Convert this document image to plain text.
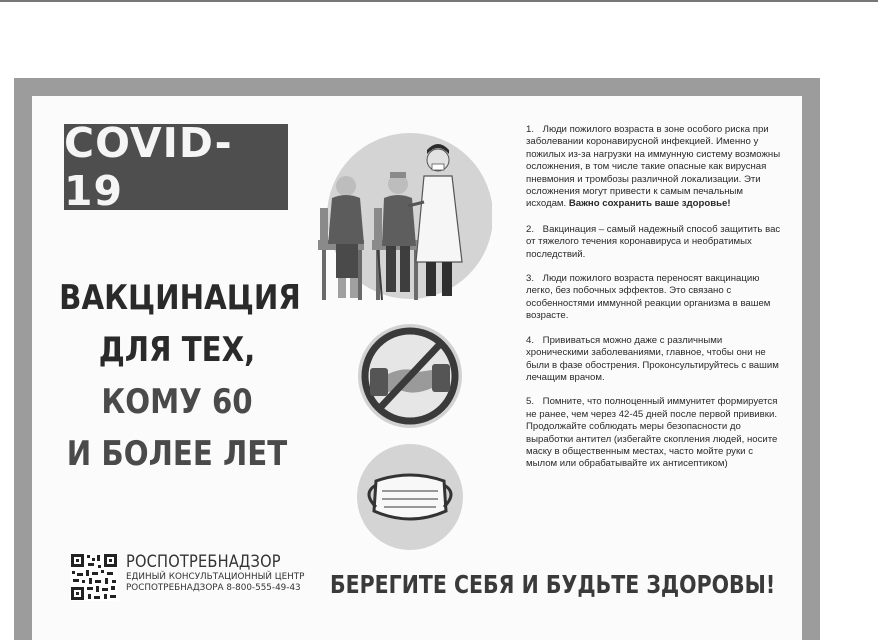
COVID-19
ВАКЦИНАЦИЯ
ДЛЯ ТЕХ,
КОМУ 60
И БОЛЕЕ ЛЕТ
1. Люди пожилого возраста в зоне особого риска при заболевании коронавирусной инфекцией. Именно у пожилых из-за нагрузки на иммунную систему возможны осложнения, в том числе такие опасные как вирусная пневмония и тромбозы различной локализации. Эти осложнения могут привести к самым печальным исходам. Важно сохранить ваше здоровье!
2. Вакцинация – самый надежный способ защитить вас от тяжелого течения коронавируса и необратимых последствий.
3. Люди пожилого возраста переносят вакцинацию легко, без побочных эффектов. Это связано с особенностями иммунной реакции организма в вашем возрасте.
4. Прививаться можно даже с различными хроническими заболеваниями, главное, чтобы они не были в фазе обострения. Проконсультируйтесь с вашим лечащим врачом.
5. Помните, что полноценный иммунитет формируется не ранее, чем через 42-45 дней после первой прививки. Продолжайте соблюдать меры безопасности до выработки антител (избегайте скопления людей, носите маску в общественным местах, часто мойте руки с мылом или обрабатывайте их антисептиком)
РОСПОТРЕБНАДЗОР
ЕДИНЫЙ КОНСУЛЬТАЦИОННЫЙ ЦЕНТР
РОСПОТРЕБНАДЗОРА 8-800-555-49-43 БЕРЕГИТЕ СЕБЯ И БУДЬТЕ ЗДОРОВЫ!
